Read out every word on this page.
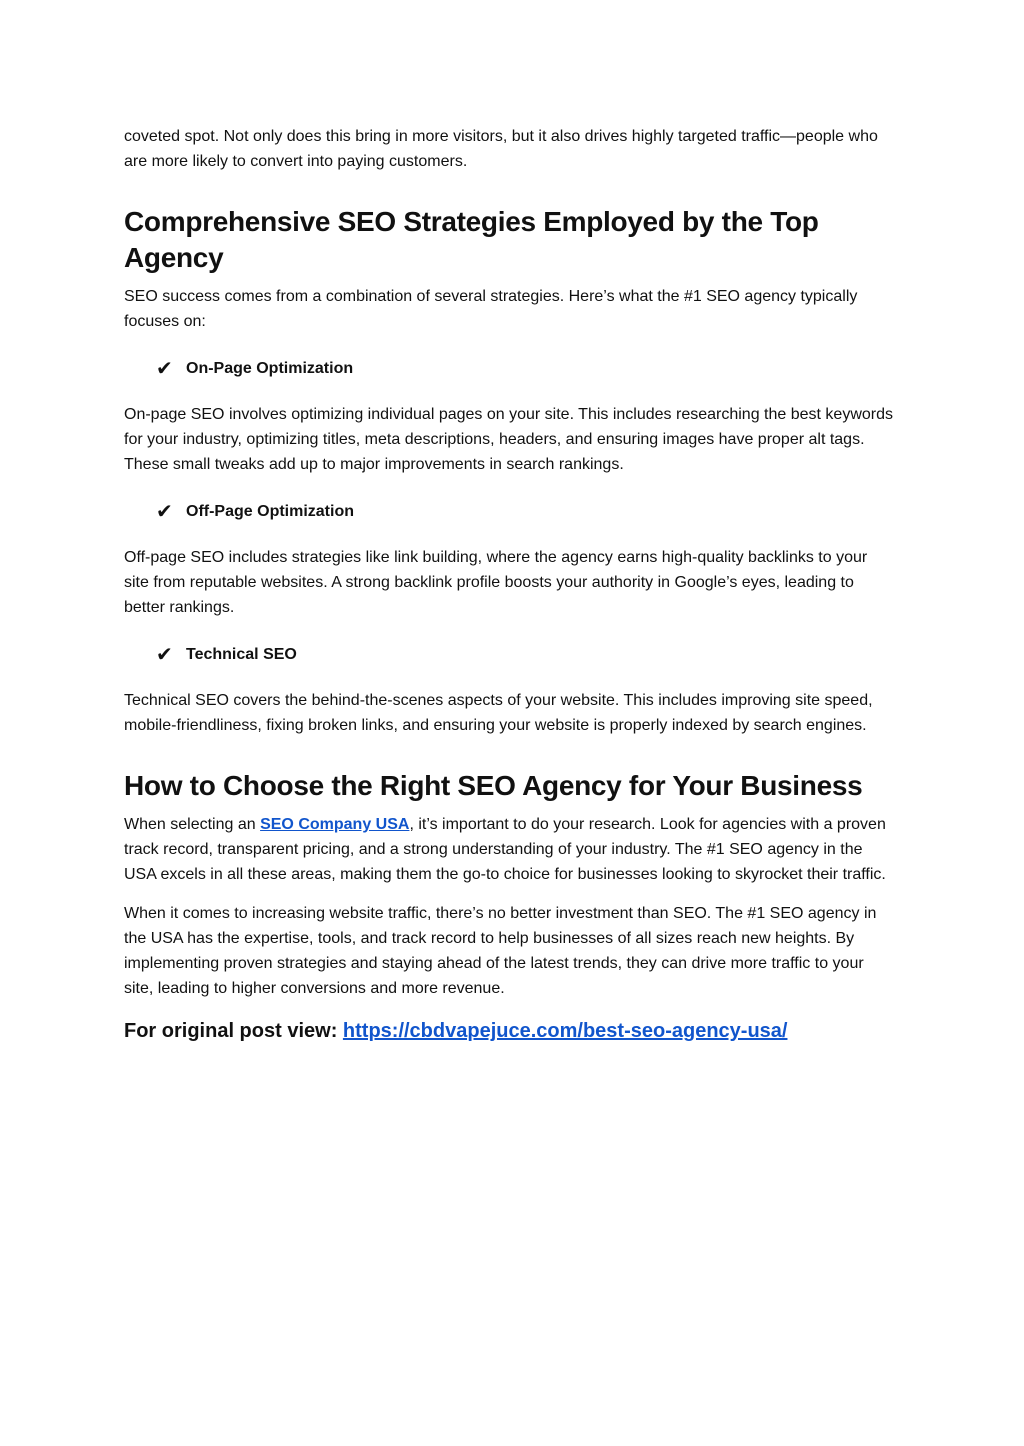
coveted spot. Not only does this bring in more visitors, but it also drives highly targeted traffic—people who are more likely to convert into paying customers.

Comprehensive SEO Strategies Employed by the Top Agency

SEO success comes from a combination of several strategies. Here’s what the #1 SEO agency typically focuses on:

✔ On-Page Optimization

On-page SEO involves optimizing individual pages on your site. This includes researching the best keywords for your industry, optimizing titles, meta descriptions, headers, and ensuring images have proper alt tags. These small tweaks add up to major improvements in search rankings.

✔ Off-Page Optimization

Off-page SEO includes strategies like link building, where the agency earns high-quality backlinks to your site from reputable websites. A strong backlink profile boosts your authority in Google’s eyes, leading to better rankings.

✔ Technical SEO

Technical SEO covers the behind-the-scenes aspects of your website. This includes improving site speed, mobile-friendliness, fixing broken links, and ensuring your website is properly indexed by search engines.

How to Choose the Right SEO Agency for Your Business

When selecting an SEO Company USA, it’s important to do your research. Look for agencies with a proven track record, transparent pricing, and a strong understanding of your industry. The #1 SEO agency in the USA excels in all these areas, making them the go-to choice for businesses looking to skyrocket their traffic.

When it comes to increasing website traffic, there’s no better investment than SEO. The #1 SEO agency in the USA has the expertise, tools, and track record to help businesses of all sizes reach new heights. By implementing proven strategies and staying ahead of the latest trends, they can drive more traffic to your site, leading to higher conversions and more revenue.

For original post view: https://cbdvapejuce.com/best-seo-agency-usa/
